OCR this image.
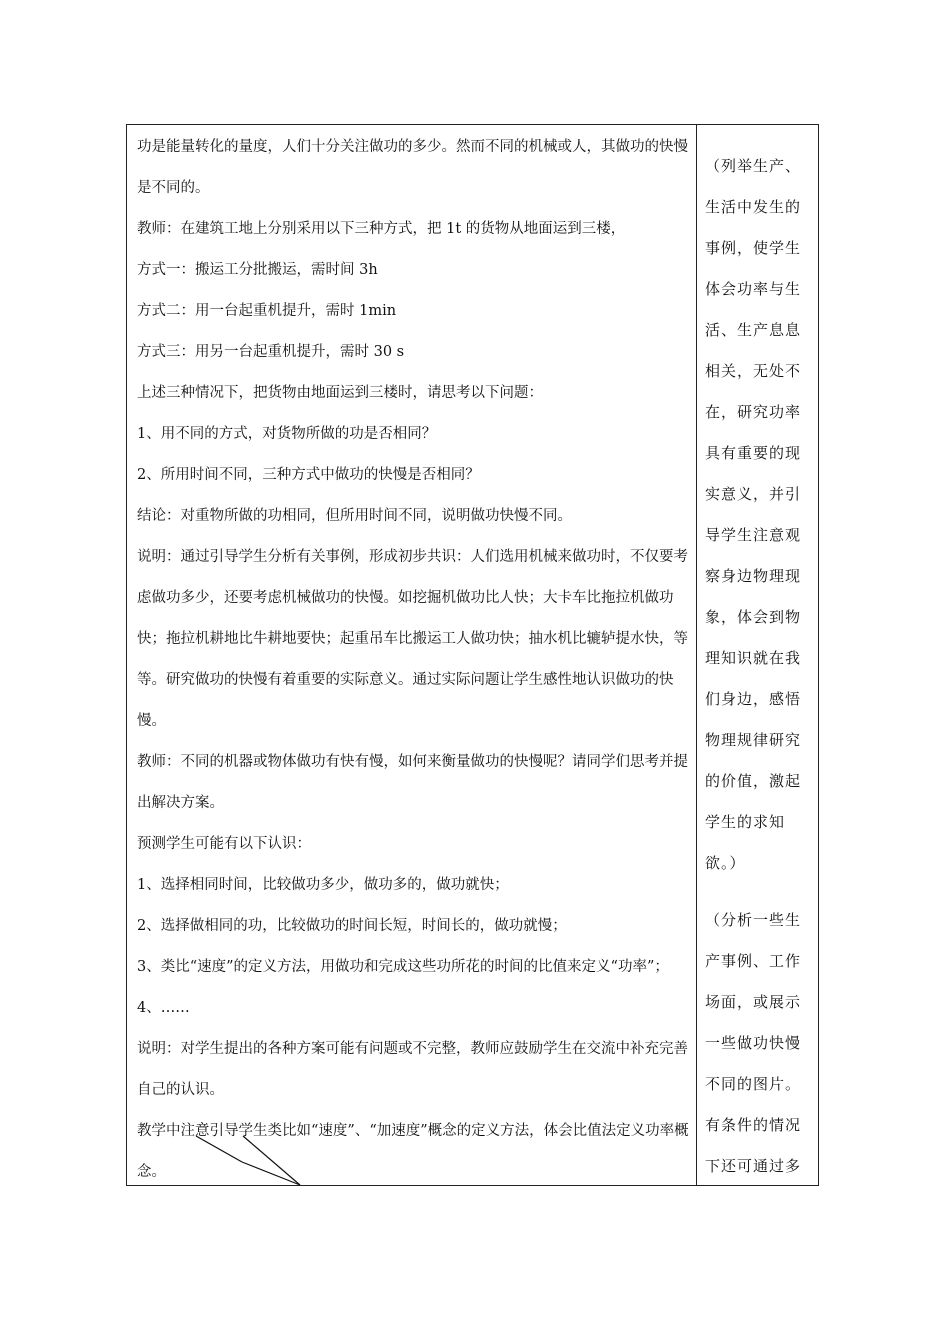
功是能量转化的量度，人们十分关注做功的多少。然而不同的机械或人，其做功的快慢是不同的。

教师：在建筑工地上分别采用以下三种方式，把 1t 的货物从地面运到三楼，

方式一：搬运工分批搬运，需时间 3h

方式二：用一台起重机提升，需时 1min

方式三：用另一台起重机提升，需时 30 s

上述三种情况下，把货物由地面运到三楼时，请思考以下问题：

1、用不同的方式，对货物所做的功是否相同？

2、所用时间不同，三种方式中做功的快慢是否相同？

结论：对重物所做的功相同，但所用时间不同，说明做功快慢不同。

说明：通过引导学生分析有关事例，形成初步共识：人们选用机械来做功时，不仅要考虑做功多少，还要考虑机械做功的快慢。如挖掘机做功比人快；大卡车比拖拉机做功快；拖拉机耕地比牛耕地要快；起重吊车比搬运工人做功快；抽水机比辘轳提水快，等等。研究做功的快慢有着重要的实际意义。通过实际问题让学生感性地认识做功的快慢。

教师：不同的机器或物体做功有快有慢，如何来衡量做功的快慢呢？请同学们思考并提出解决方案。

预测学生可能有以下认识：

1、选择相同时间，比较做功多少，做功多的，做功就快；

2、选择做相同的功，比较做功的时间长短，时间长的，做功就慢；

3、类比“速度”的定义方法，用做功和完成这些功所花的时间的比值来定义“功率”；

4、……

说明：对学生提出的各种方案可能有问题或不完整，教师应鼓励学生在交流中补充完善自己的认识。

教学中注意引导学生类比如“速度”、“加速度”概念的定义方法，体会比值法定义功率概念。

（列举生产、生活中发生的事例，使学生体会功率与生活、生产息息相关，无处不在，研究功率具有重要的现实意义，并引导学生注意观察身边物理现象，体会到物理知识就在我们身边，感悟物理规律研究的价值，激起学生的求知欲。）

（分析一些生产事例、工作场面，或展示一些做功快慢不同的图片。有条件的情况下还可通过多
